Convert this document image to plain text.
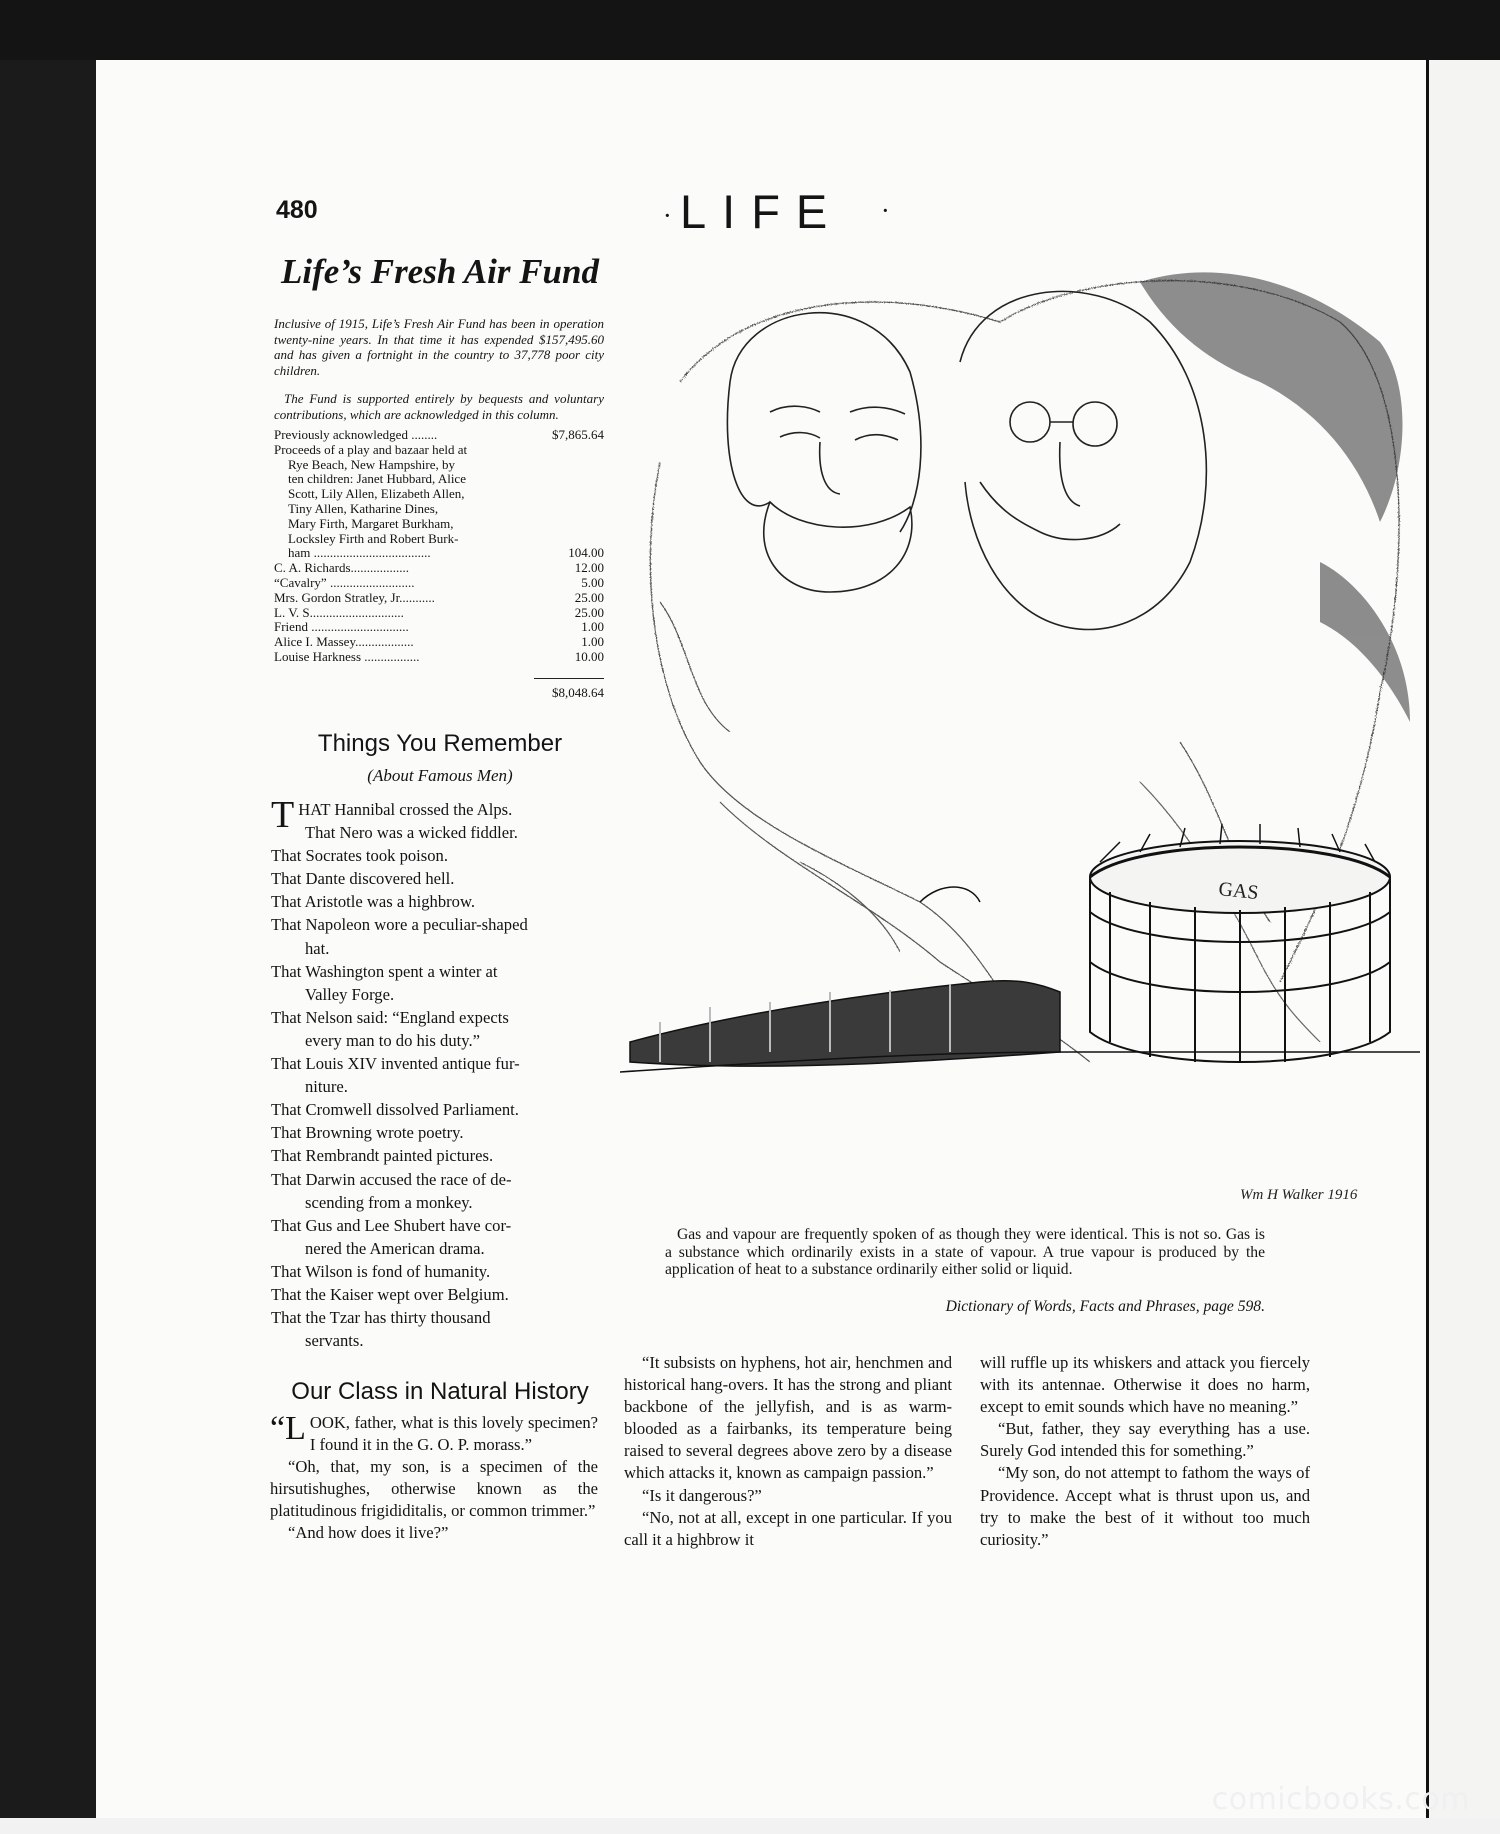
comicbooks.com
480	· LIFE ·
Life’s Fresh Air Fund

Inclusive of 1915, Life’s Fresh Air Fund has been in operation twenty-nine years. In that time it has expended $157,495.60 and has given a fortnight in the country to 37,778 poor city children.

The Fund is supported entirely by bequests and voluntary contributions, which are acknowledged in this column.

Previously acknowledged ........	$7,865.64
Proceeds of a play and bazaar held at
Rye Beach, New Hampshire, by
ten children: Janet Hubbard, Alice
Scott, Lily Allen, Elizabeth Allen,
Tiny Allen, Katharine Dines,
Mary Firth, Margaret Burkham,
Locksley Firth and Robert Burk-
ham ....................................	104.00
C. A. Richards..................	12.00
“Cavalry” ..........................	5.00
Mrs. Gordon Stratley, Jr...........	25.00
L. V. S.............................	25.00
Friend ..............................	1.00
Alice I. Massey..................	1.00
Louise Harkness .................	10.00
$8,048.64
Things You Remember
(About Famous Men)
THAT Hannibal crossed the Alps.
That Nero was a wicked fiddler.
That Socrates took poison.
That Dante discovered hell.
That Aristotle was a highbrow.
That Napoleon wore a peculiar-shaped
hat.
That Washington spent a winter at
Valley Forge.
That Nelson said: “England expects
every man to do his duty.”
That Louis XIV invented antique fur-
niture.
That Cromwell dissolved Parliament.
That Browning wrote poetry.
That Rembrandt painted pictures.
That Darwin accused the race of de-
scending from a monkey.
That Gus and Lee Shubert have cor-
nered the American drama.
That Wilson is fond of humanity.
That the Kaiser wept over Belgium.
That the Tzar has thirty thousand
servants.
Our Class in Natural History

“LOOK, father, what is this lovely specimen? I found it in the G. O. P. morass.”

“Oh, that, my son, is a specimen of the hirsutishughes, otherwise known as the platitudinous frigididitalis, or common trimmer.”

“And how does it live?”

“It subsists on hyphens, hot air, henchmen and historical hang-overs. It has the strong and pliant backbone of the jellyfish, and is as warm-blooded as a fairbanks, its temperature being raised to several degrees above zero by a disease which attacks it, known as campaign passion.”

“Is it dangerous?”

“No, not at all, except in one particular. If you call it a highbrow it

will ruffle up its whiskers and attack you fiercely with its antennae. Otherwise it does no harm, except to emit sounds which have no meaning.”

“But, father, they say everything has a use. Surely God intended this for something.”

“My son, do not attempt to fathom the ways of Providence. Accept what is thrust upon us, and try to make the best of it without too much curiosity.”

GAS
Wm H Walker 1916
Gas and vapour are frequently spoken of as though they were identical. This is not so. Gas is a substance which ordinarily exists in a state of vapour. A true vapour is produced by the application of heat to a substance ordinarily either solid or liquid.
Dictionary of Words, Facts and Phrases, page 598.
